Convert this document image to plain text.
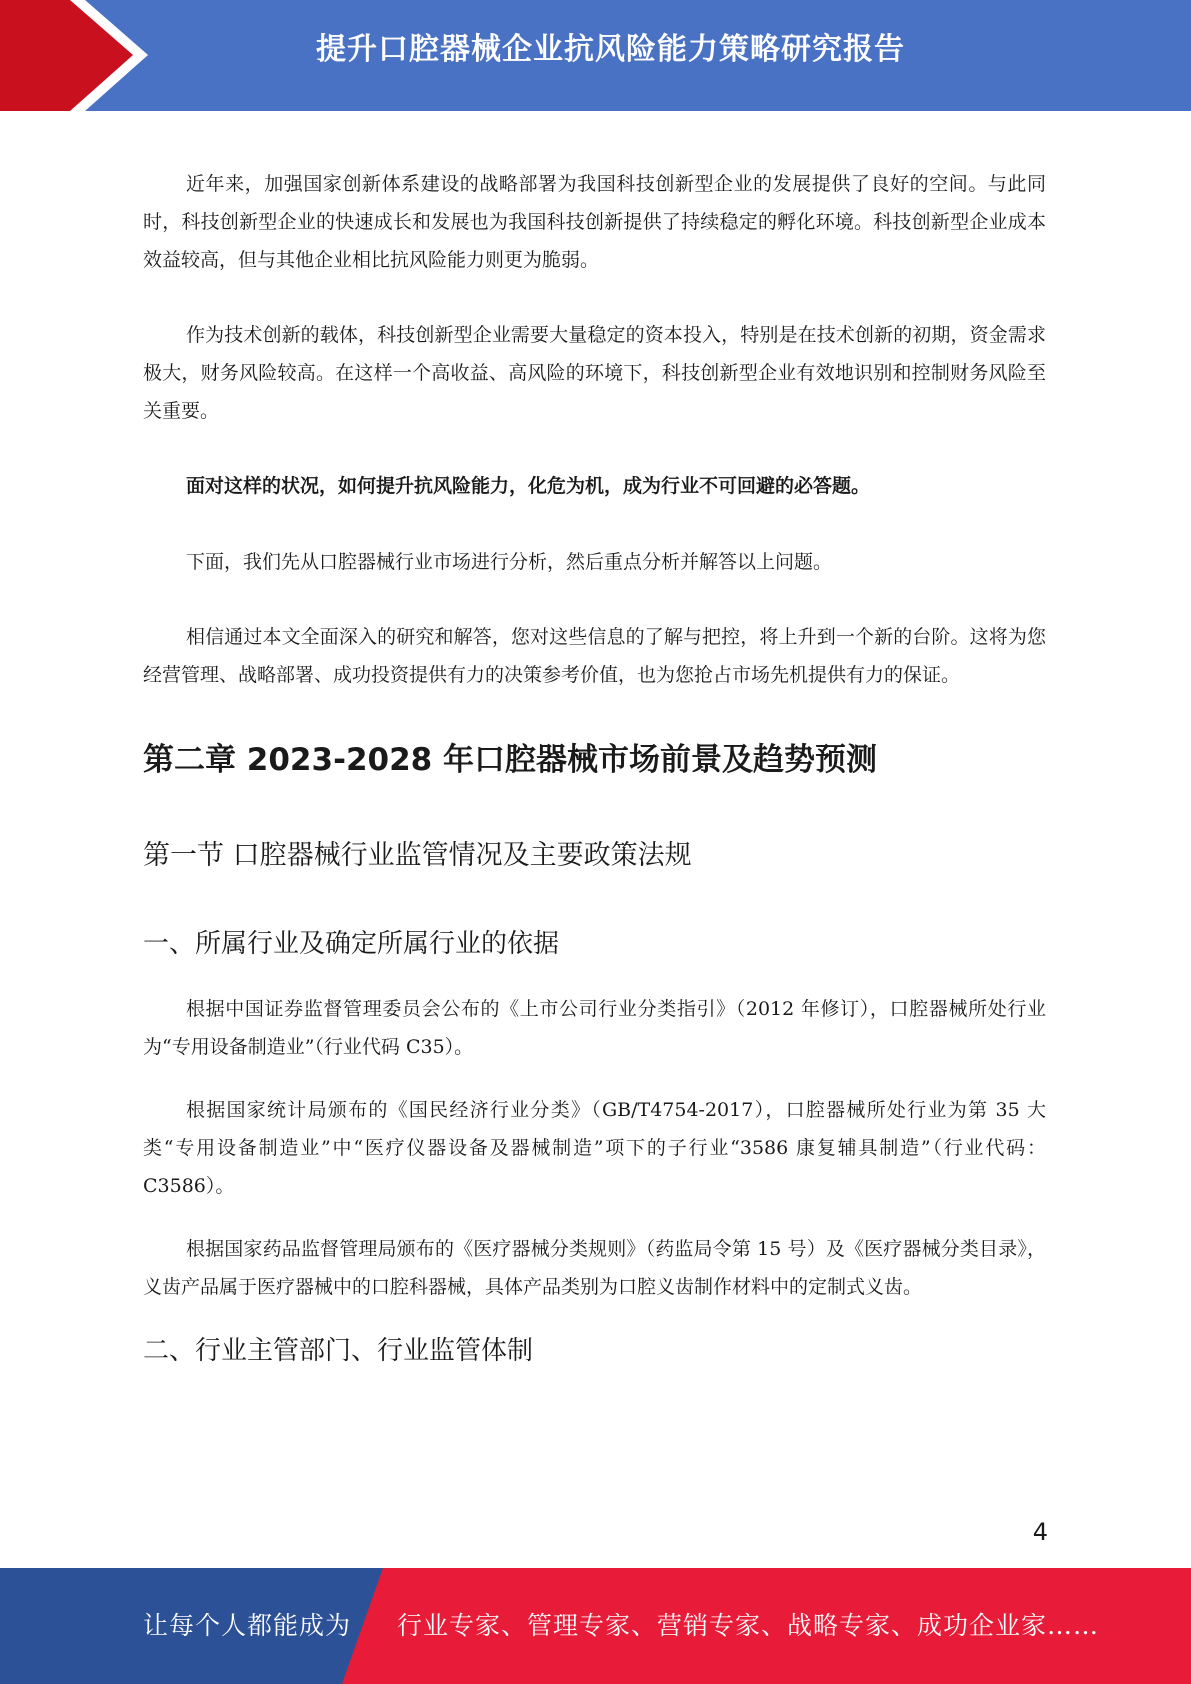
提升口腔器械企业抗风险能力策略研究报告

近年来，加强国家创新体系建设的战略部署为我国科技创新型企业的发展提供了良好的空间。与此同时，科技创新型企业的快速成长和发展也为我国科技创新提供了持续稳定的孵化环境。科技创新型企业成本效益较高，但与其他企业相比抗风险能力则更为脆弱。

作为技术创新的载体，科技创新型企业需要大量稳定的资本投入，特别是在技术创新的初期，资金需求极大，财务风险较高。在这样一个高收益、高风险的环境下，科技创新型企业有效地识别和控制财务风险至关重要。

面对这样的状况，如何提升抗风险能力，化危为机，成为行业不可回避的必答题。

下面，我们先从口腔器械行业市场进行分析，然后重点分析并解答以上问题。

相信通过本文全面深入的研究和解答，您对这些信息的了解与把控，将上升到一个新的台阶。这将为您经营管理、战略部署、成功投资提供有力的决策参考价值，也为您抢占市场先机提供有力的保证。

第二章 2023-2028 年口腔器械市场前景及趋势预测
第一节 口腔器械行业监管情况及主要政策法规
一、所属行业及确定所属行业的依据

根据中国证券监督管理委员会公布的《上市公司行业分类指引》（2012 年修订），口腔器械所处行业为“专用设备制造业”（行业代码 C35）。

根据国家统计局颁布的《国民经济行业分类》（GB/T4754-2017），口腔器械所处行业为第 35 大类“专用设备制造业”中“医疗仪器设备及器械制造”项下的子行业“3586 康复辅具制造”（行业代码：C3586）。

根据国家药品监督管理局颁布的《医疗器械分类规则》（药监局令第 15 号）及《医疗器械分类目录》，义齿产品属于医疗器械中的口腔科器械，具体产品类别为口腔义齿制作材料中的定制式义齿。

二、行业主管部门、行业监管体制
4
让每个人都能成为 行业专家、管理专家、营销专家、战略专家、成功企业家……
